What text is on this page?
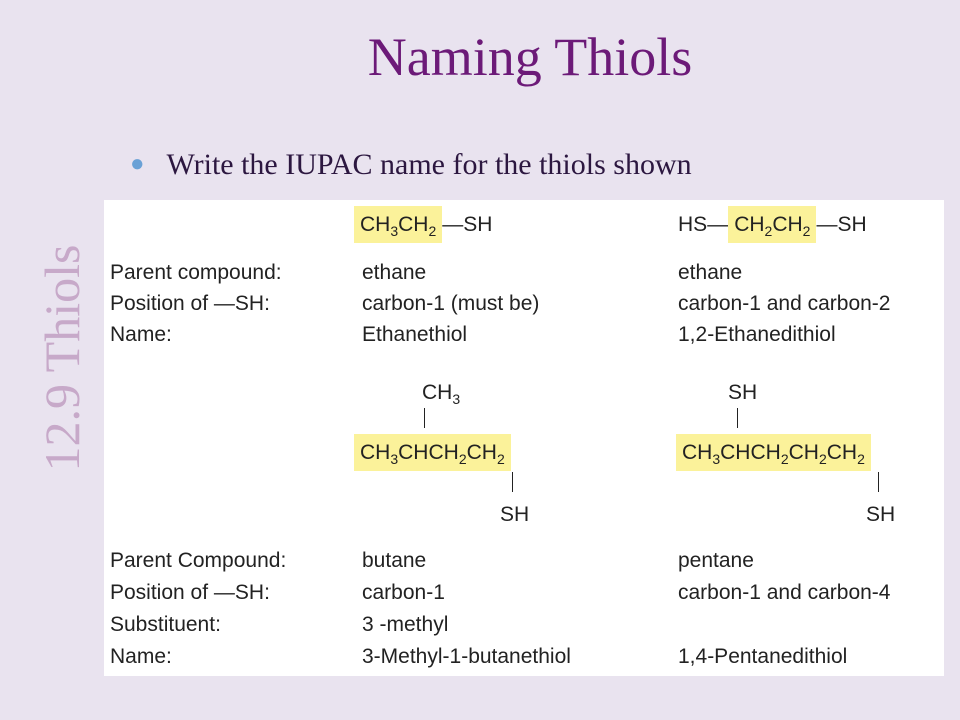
Naming Thiols
12.9 Thiols
● Write the IUPAC name for the thiols shown
$CH_3CH_2$ —SH	HS— $CH_2CH_2$ —SH
Parent compound:
Position of —SH:
Name:
ethane
carbon-1 (must be)
Ethanethiol
ethane
carbon-1 and carbon-2
1,2-Ethanedithiol
$CH_3$
$CH_3CHCH_2CH_2$
SH
SH
$CH_3CHCH_2CH_2CH_2$
SH
Parent Compound:
Position of —SH:
Substituent:
Name:
butane
carbon-1
3 -methyl
3-Methyl-1-butanethiol
pentane
carbon-1 and carbon-4
1,4-Pentanedithiol
